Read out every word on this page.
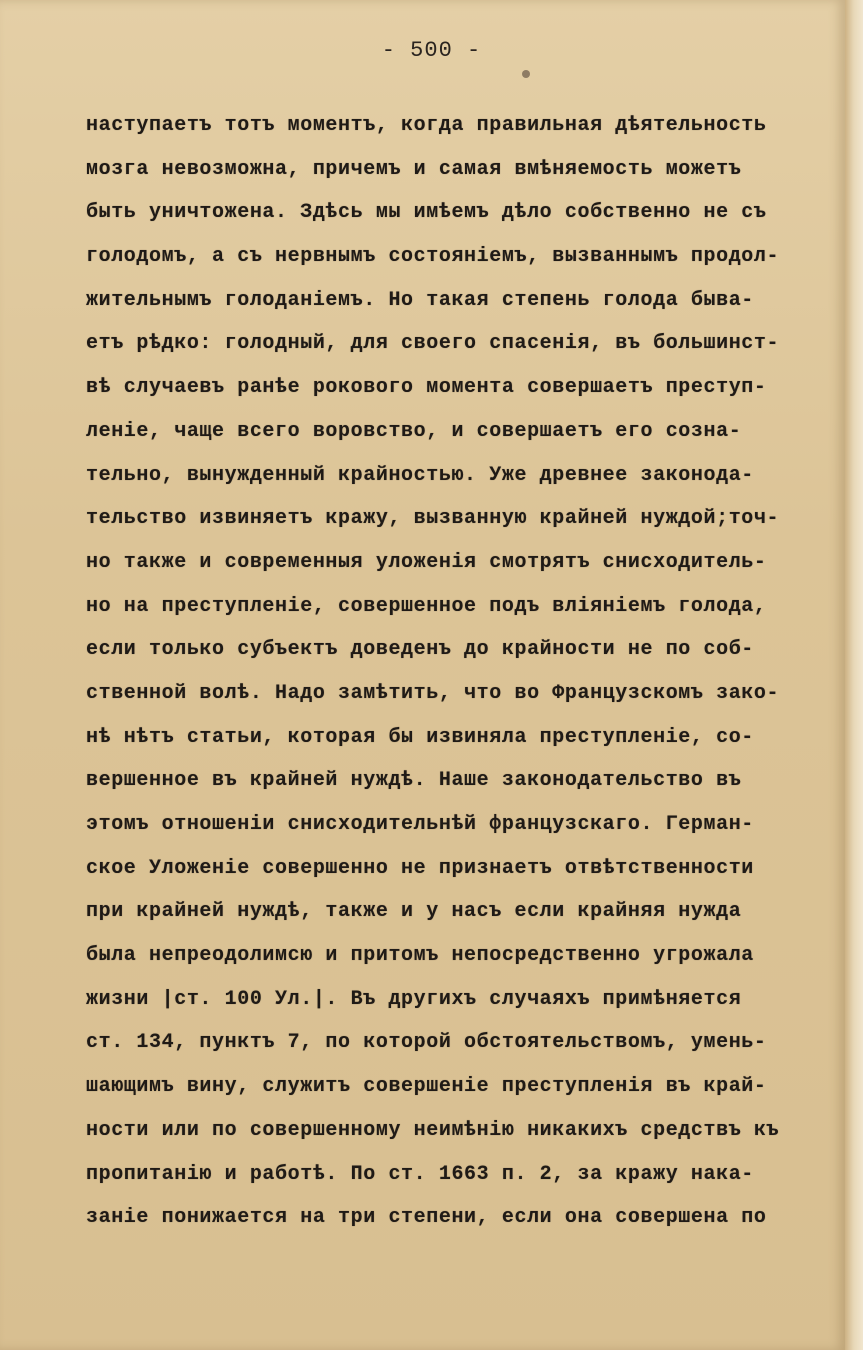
- 500 -
наступаетъ тотъ моментъ, когда правильная дѣятельность
мозга невозможна, причемъ и самая вмѣняемость можетъ
быть уничтожена. Здѣсь мы имѣемъ дѣло собственно не съ
голодомъ, а съ нервнымъ состояніемъ, вызваннымъ продол-
жительнымъ голоданіемъ. Но такая степень голода быва-
етъ рѣдко: голодный, для своего спасенія, въ большинст-
вѣ случаевъ ранѣе рокового момента совершаетъ преступ-
леніе, чаще всего воровство, и совершаетъ его созна-
тельно, вынужденный крайностью. Уже древнее законода-
тельство извиняетъ кражу, вызванную крайней нуждой;точ-
но также и современныя уложенія смотрятъ снисходитель-
но на преступленіе, совершенное подъ вліяніемъ голода,
если только субъектъ доведенъ до крайности не по соб-
ственной волѣ. Надо замѣтить, что во Французскомъ зако-
нѣ нѣтъ статьи, которая бы извиняла преступленіе, со-
вершенное въ крайней нуждѣ. Наше законодательство въ
этомъ отношеніи снисходительнѣй французскаго. Герман-
ское Уложеніе совершенно не признаетъ отвѣтственности
при крайней нуждѣ, также и у насъ если крайняя нужда
была непреодолимсю и притомъ непосредственно угрожала
жизни |ст. 100 Ул.|. Въ другихъ случаяхъ примѣняется
ст. 134, пунктъ 7, по которой обстоятельствомъ, умень-
шающимъ вину, служитъ совершеніе преступленія въ край-
ности или по совершенному неимѣнію никакихъ средствъ къ
пропитанію и работѣ. По ст. 1663 п. 2, за кражу нака-
заніе понижается на три степени, если она совершена по
